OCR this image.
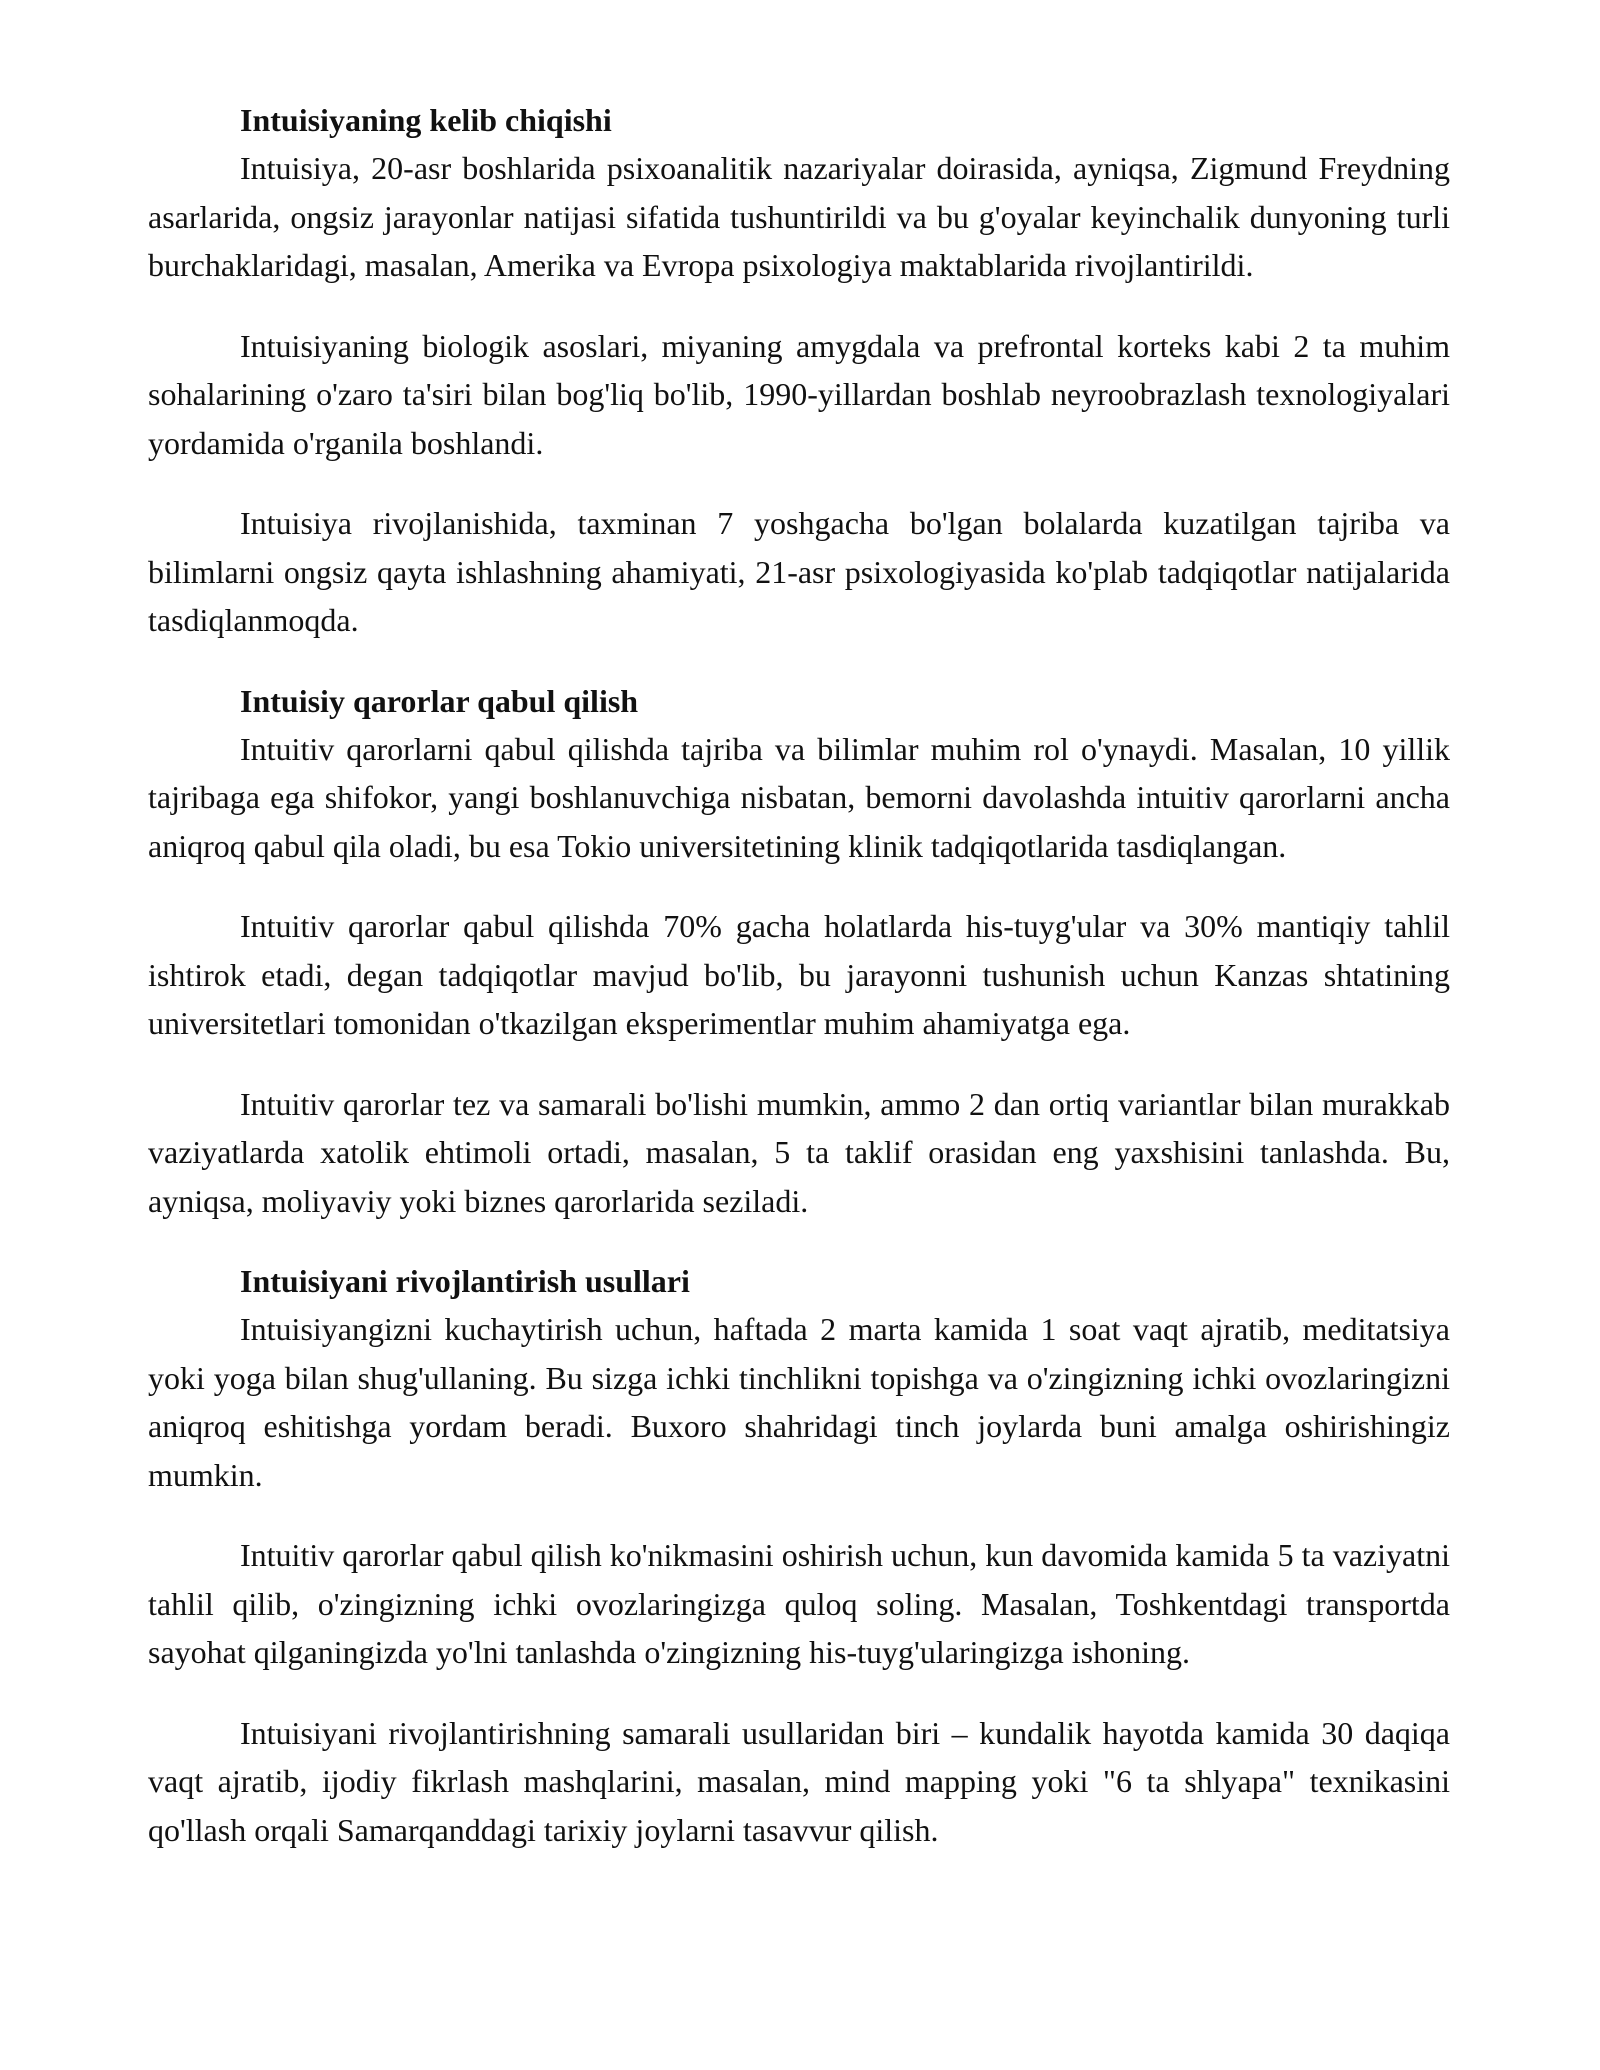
Intuisiyaning kelib chiqishi

Intuisiya, 20-asr boshlarida psixoanalitik nazariyalar doirasida, ayniqsa, Zigmund Freydning asarlarida, ongsiz jarayonlar natijasi sifatida tushuntirildi va bu g'oyalar keyinchalik dunyoning turli burchaklaridagi, masalan, Amerika va Evropa psixologiya maktablarida rivojlantirildi.

Intuisiyaning biologik asoslari, miyaning amygdala va prefrontal korteks kabi 2 ta muhim sohalarining o'zaro ta'siri bilan bog'liq bo'lib, 1990-yillardan boshlab neyroobrazlash texnologiyalari yordamida o'rganila boshlandi.

Intuisiya rivojlanishida, taxminan 7 yoshgacha bo'lgan bolalarda kuzatilgan tajriba va bilimlarni ongsiz qayta ishlashning ahamiyati, 21-asr psixologiyasida ko'plab tadqiqotlar natijalarida tasdiqlanmoqda.

Intuisiy qarorlar qabul qilish

Intuitiv qarorlarni qabul qilishda tajriba va bilimlar muhim rol o'ynaydi. Masalan, 10 yillik tajribaga ega shifokor, yangi boshlanuvchiga nisbatan, bemorni davolashda intuitiv qarorlarni ancha aniqroq qabul qila oladi, bu esa Tokio universitetining klinik tadqiqotlarida tasdiqlangan.

Intuitiv qarorlar qabul qilishda 70% gacha holatlarda his-tuyg'ular va 30% mantiqiy tahlil ishtirok etadi, degan tadqiqotlar mavjud bo'lib, bu jarayonni tushunish uchun Kanzas shtatining universitetlari tomonidan o'tkazilgan eksperimentlar muhim ahamiyatga ega.

Intuitiv qarorlar tez va samarali bo'lishi mumkin, ammo 2 dan ortiq variantlar bilan murakkab vaziyatlarda xatolik ehtimoli ortadi, masalan, 5 ta taklif orasidan eng yaxshisini tanlashda. Bu, ayniqsa, moliyaviy yoki biznes qarorlarida seziladi.

Intuisiyani rivojlantirish usullari

Intuisiyangizni kuchaytirish uchun, haftada 2 marta kamida 1 soat vaqt ajratib, meditatsiya yoki yoga bilan shug'ullaning. Bu sizga ichki tinchlikni topishga va o'zingizning ichki ovozlaringizni aniqroq eshitishga yordam beradi. Buxoro shahridagi tinch joylarda buni amalga oshirishingiz mumkin.

Intuitiv qarorlar qabul qilish ko'nikmasini oshirish uchun, kun davomida kamida 5 ta vaziyatni tahlil qilib, o'zingizning ichki ovozlaringizga quloq soling. Masalan, Toshkentdagi transportda sayohat qilganingizda yo'lni tanlashda o'zingizning his-tuyg'ularingizga ishoning.

Intuisiyani rivojlantirishning samarali usullaridan biri – kundalik hayotda kamida 30 daqiqa vaqt ajratib, ijodiy fikrlash mashqlarini, masalan, mind mapping yoki "6 ta shlyapa" texnikasini qo'llash orqali Samarqanddagi tarixiy joylarni tasavvur qilish.
